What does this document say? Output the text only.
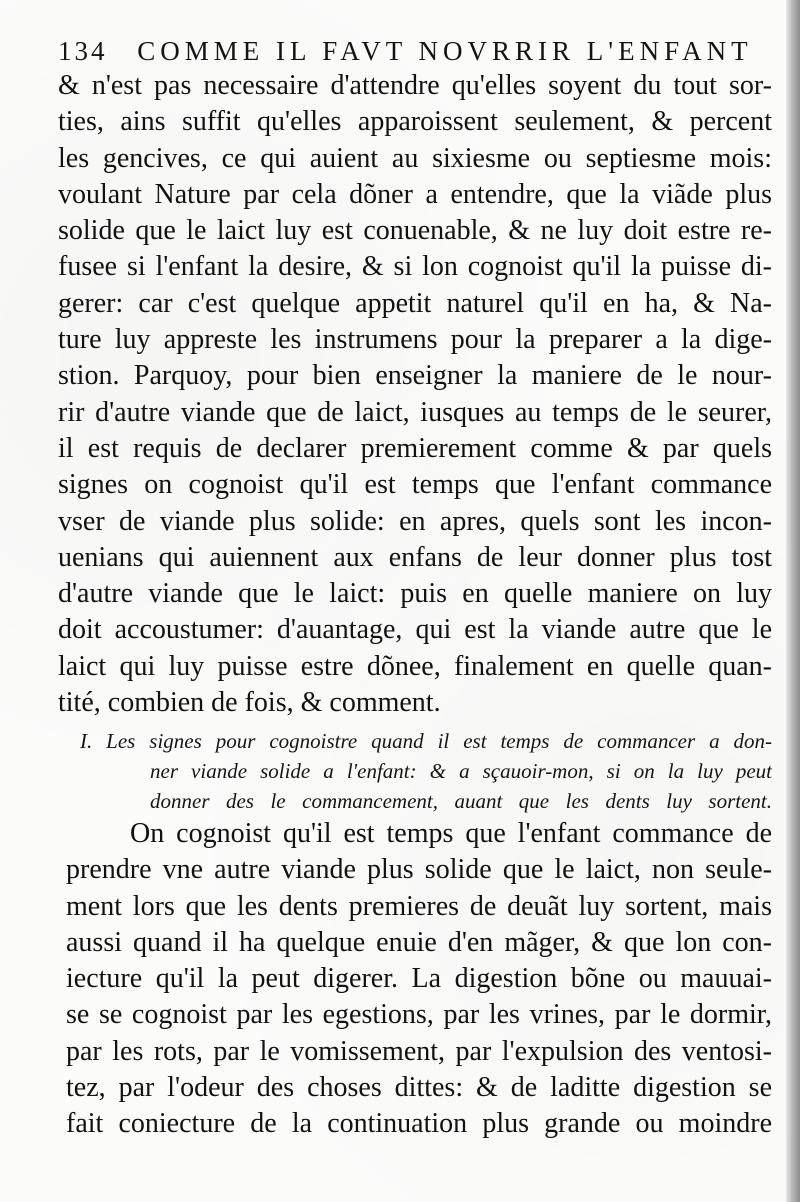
134 COMME IL FAVT NOVRRIR L'ENFANT
& n'est pas necessaire d'attendre qu'elles soyent du tout sor-
ties, ains suffit qu'elles apparoissent seulement, & percent
les gencives, ce qui auient au sixiesme ou septiesme mois:
voulant Nature par cela dõner a entendre, que la viãde plus
solide que le laict luy est conuenable, & ne luy doit estre re-
fusee si l'enfant la desire, & si lon cognoist qu'il la puisse di-
gerer: car c'est quelque appetit naturel qu'il en ha, & Na-
ture luy appreste les instrumens pour la preparer a la dige-
stion. Parquoy, pour bien enseigner la maniere de le nour-
rir d'autre viande que de laict, iusques au temps de le seurer,
il est requis de declarer premierement comme & par quels
signes on cognoist qu'il est temps que l'enfant commance
vser de viande plus solide: en apres, quels sont les incon-
uenians qui auiennent aux enfans de leur donner plus tost
d'autre viande que le laict: puis en quelle maniere on luy
doit accoustumer: d'auantage, qui est la viande autre que le
laict qui luy puisse estre dõnee, finalement en quelle quan-
tité, combien de fois, & comment.
I. Les signes pour cognoistre quand il est temps de commancer a don-
ner viande solide a l'enfant: & a sçauoir-mon, si on la luy peut
donner des le commancement, auant que les dents luy sortent.
On cognoist qu'il est temps que l'enfant commance de
prendre vne autre viande plus solide que le laict, non seule-
ment lors que les dents premieres de deuãt luy sortent, mais
aussi quand il ha quelque enuie d'en mãger, & que lon con-
iecture qu'il la peut digerer. La digestion bõne ou mauuai-
se se cognoist par les egestions, par les vrines, par le dormir,
par les rots, par le vomissement, par l'expulsion des ventosi-
tez, par l'odeur des choses dittes: & de laditte digestion se
fait coniecture de la continuation plus grande ou moindre
